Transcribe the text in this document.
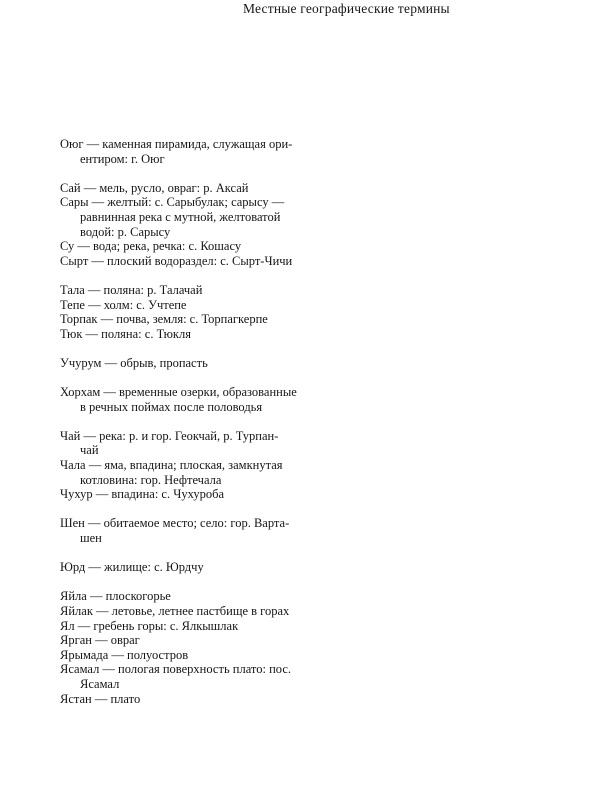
Местные географические термины
Оюг — каменная пирамида, служащая ори-
ентиром: г. Оюг
Сай — мель, русло, овраг: р. Аксай
Сары — желтый: с. Сарыбулак; сарысу —
равнинная река с мутной, желтоватой
водой: р. Сарысу
Су — вода; река, речка: с. Кошасу
Сырт — плоский водораздел: с. Сырт-Чичи
Тала — поляна: р. Талачай
Тепе — холм: с. Учтепе
Торпак — почва, земля: с. Торпагкерпе
Тюк — поляна: с. Тюкля
Учурум — обрыв, пропасть
Хорхам — временные озерки, образованные
в речных поймах после половодья
Чай — река: р. и гор. Геокчай, р. Турпан-
чай
Чала — яма, впадина; плоская, замкнутая
котловина: гор. Нефтечала
Чухур — впадина: с. Чухуроба
Шен — обитаемое место; село: гор. Варта-
шен
Юрд — жилище: с. Юрдчу
Яйла — плоскогорье
Яйлак — летовье, летнее пастбище в горах
Ял — гребень горы: с. Ялкышлак
Ярган — овраг
Ярымада — полуостров
Ясамал — пологая поверхность плато: пос.
Ясамал
Ястан — плато
